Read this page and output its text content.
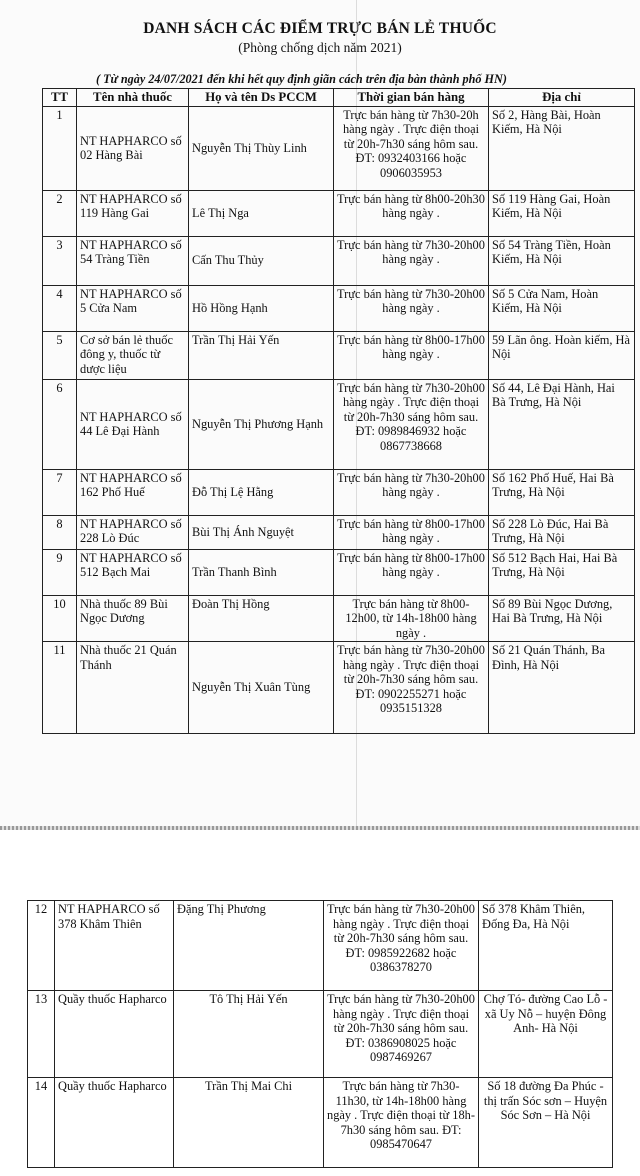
DANH SÁCH CÁC ĐIỂM TRỰC BÁN LẺ THUỐC
(Phòng chống dịch năm 2021)
( Từ ngày 24/07/2021 đến khi hết quy định giãn cách trên địa bàn thành phố HN)
TT	Tên nhà thuốc	Họ và tên Ds PCCM	Thời gian bán hàng	Địa chỉ
1	NT HAPHARCO số 02 Hàng Bài	Nguyễn Thị Thùy Linh	Trực bán hàng từ 7h30-20h hàng ngày . Trực điện thoại từ 20h-7h30 sáng hôm sau. ĐT: 0932403166 hoặc 0906035953	Số 2, Hàng Bài, Hoàn Kiếm, Hà Nội
2	NT HAPHARCO số 119 Hàng Gai	Lê Thị Nga	Trực bán hàng từ 8h00-20h30 hàng ngày .	Số 119 Hàng Gai, Hoàn Kiếm, Hà Nội
3	NT HAPHARCO số 54 Tràng Tiền	Cấn Thu Thủy	Trực bán hàng từ 7h30-20h00 hàng ngày .	Số 54 Tràng Tiền, Hoàn Kiếm, Hà Nội
4	NT HAPHARCO số 5 Cửa Nam	Hồ Hồng Hạnh	Trực bán hàng từ 7h30-20h00 hàng ngày .	Số 5 Cửa Nam, Hoàn Kiếm, Hà Nội
5	Cơ sở bán lẻ thuốc đông y, thuốc từ dược liệu	Trần Thị Hải Yến	Trực bán hàng từ 8h00-17h00 hàng ngày .	59 Lãn ông. Hoàn kiếm, Hà Nội
6	NT HAPHARCO số 44 Lê Đại Hành	Nguyễn Thị Phương Hạnh	Trực bán hàng từ 7h30-20h00 hàng ngày . Trực điện thoại từ 20h-7h30 sáng hôm sau. ĐT: 0989846932 hoặc 0867738668	Số 44, Lê Đại Hành, Hai Bà Trưng, Hà Nội
7	NT HAPHARCO số 162 Phố Huế	Đỗ Thị Lệ Hằng	Trực bán hàng từ 7h30-20h00 hàng ngày .	Số 162 Phố Huế, Hai Bà Trưng, Hà Nội
8	NT HAPHARCO số 228 Lò Đúc	Bùi Thị Ánh Nguyệt	Trực bán hàng từ 8h00-17h00 hàng ngày .	Số 228 Lò Đúc, Hai Bà Trưng, Hà Nội
9	NT HAPHARCO số 512 Bạch Mai	Trần Thanh Bình	Trực bán hàng từ 8h00-17h00 hàng ngày .	Số 512 Bạch Hai, Hai Bà Trưng, Hà Nội
10	Nhà thuốc 89 Bùi Ngọc Dương	Đoàn Thị Hồng	Trực bán hàng từ 8h00-12h00, từ 14h-18h00 hàng ngày .	Số 89 Bùi Ngọc Dương, Hai Bà Trưng, Hà Nội
11	Nhà thuốc 21 Quán Thánh	Nguyễn Thị Xuân Tùng	Trực bán hàng từ 7h30-20h00 hàng ngày . Trực điện thoại từ 20h-7h30 sáng hôm sau. ĐT: 0902255271 hoặc 0935151328	Số 21 Quán Thánh, Ba Đình, Hà Nội
12	NT HAPHARCO số 378 Khâm Thiên	Đặng Thị Phương	Trực bán hàng từ 7h30-20h00 hàng ngày . Trực điện thoại từ 20h-7h30 sáng hôm sau. ĐT: 0985922682 hoặc 0386378270	Số 378 Khâm Thiên, Đống Đa, Hà Nội
13	Quầy thuốc Hapharco	Tô Thị Hải Yến	Trực bán hàng từ 7h30-20h00 hàng ngày . Trực điện thoại từ 20h-7h30 sáng hôm sau. ĐT: 0386908025 hoặc 0987469267	Chợ Tó- đường Cao Lỗ - xã Uy Nỗ – huyện Đông Anh- Hà Nội
14	Quầy thuốc Hapharco	Trần Thị Mai Chi	Trực bán hàng từ 7h30-11h30, từ 14h-18h00 hàng ngày . Trực điện thoại từ 18h-7h30 sáng hôm sau. ĐT: 0985470647	Số 18 đường Đa Phúc - thị trấn Sóc sơn – Huyện Sóc Sơn – Hà Nội
